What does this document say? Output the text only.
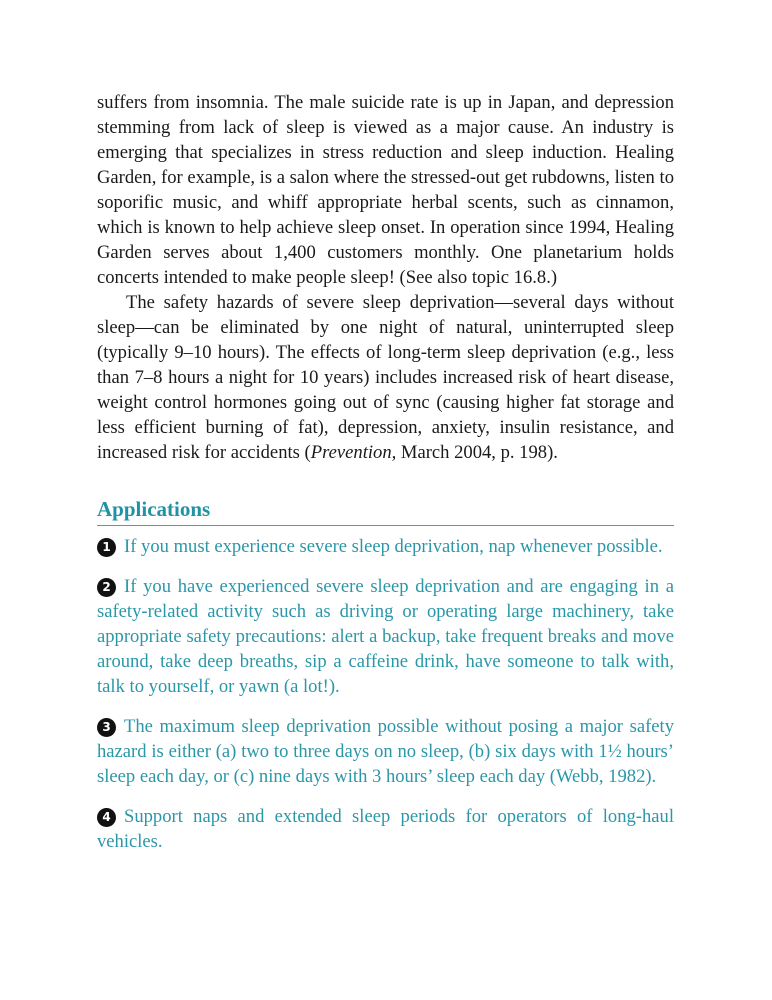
suffers from insomnia. The male suicide rate is up in Japan, and depression stemming from lack of sleep is viewed as a major cause. An industry is emerging that specializes in stress reduction and sleep induction. Healing Garden, for example, is a salon where the stressed-out get rubdowns, listen to soporific music, and whiff appropriate herbal scents, such as cinnamon, which is known to help achieve sleep onset. In operation since 1994, Healing Garden serves about 1,400 customers monthly. One planetarium holds concerts intended to make people sleep! (See also topic 16.8.)

The safety hazards of severe sleep deprivation—several days without sleep—can be eliminated by one night of natural, uninterrupted sleep (typically 9–10 hours). The effects of long-term sleep deprivation (e.g., less than 7–8 hours a night for 10 years) includes increased risk of heart disease, weight control hormones going out of sync (causing higher fat storage and less efficient burning of fat), depression, anxiety, insulin resistance, and increased risk for accidents (Prevention, March 2004, p. 198).

Applications

1 If you must experience severe sleep deprivation, nap whenever possible.

2 If you have experienced severe sleep deprivation and are engaging in a safety-related activity such as driving or operating large machinery, take appropriate safety precautions: alert a backup, take frequent breaks and move around, take deep breaths, sip a caffeine drink, have someone to talk with, talk to yourself, or yawn (a lot!).

3 The maximum sleep deprivation possible without posing a major safety hazard is either (a) two to three days on no sleep, (b) six days with 1½ hours’ sleep each day, or (c) nine days with 3 hours’ sleep each day (Webb, 1982).

4 Support naps and extended sleep periods for operators of long-haul vehicles.
